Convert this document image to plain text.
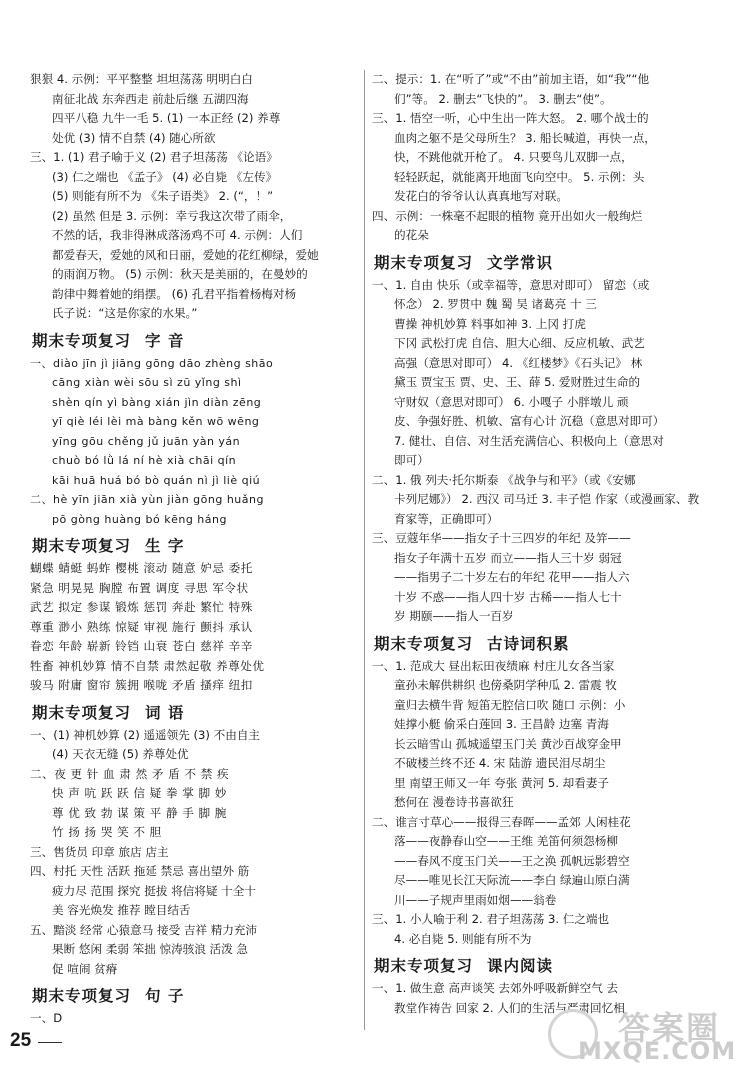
狠狠 4. 示例：平平整整 坦坦荡荡 明明白白
南征北战 东奔西走 前赴后继 五湖四海
四平八稳 九牛一毛 5. (1) 一本正经 (2) 养尊
处优 (3) 情不自禁 (4) 随心所欲
三、1. (1) 君子喻于义 (2) 君子坦荡荡 《论语》
(3) 仁之端也 《孟子》 (4) 必自毙 《左传》
(5) 则能有所不为 《朱子语类》 2. (“，！”
(2) 虽然 但是 3. 示例：幸亏我这次带了雨伞，
不然的话，我非得淋成落汤鸡不可 4. 示例：人们
都爱春天，爱她的风和日丽，爱她的花红柳绿，爱她
的雨润万物。 (5) 示例：秋天是美丽的，在曼妙的
韵律中舞着她的绢摆。 (6) 孔君平指着杨梅对杨
氏子说：“这是你家的水果。”
期末专项复习 字 音
一、diào jīn jì jiāng gōng dāo zhèng shāo
cāng xiàn wèi sōu sì zū yǐng shì
shèn qín yì bàng xián jìn diàn zēng
yī qiè léi lèi mà bàng kěn wō wēng
yīng gōu chěng jǔ juān yàn yán
chuò bó lǜ lá ní hè xià chāi qín
kāi huā huá bó bò quán nì jì liè qiú
二、hè yīn jiān xià yùn jiàn gōng huǎng
pō gòng huàng bó kēng háng
期末专项复习 生 字
蝴蝶 蜻蜓 蚂蚱 樱桃 滚动 随意 妒忌 委托
紧急 明晃晃 胸膛 布置 调度 寻思 军令状
武艺 拟定 参谋 锻炼 惩罚 奔赴 繁忙 特殊
尊重 渺小 熟练 惊疑 审视 施行 颤抖 承认
眷恋 年龄 崭新 铃铛 山衰 苍白 慈祥 辛辛
牲畜 神机妙算 情不自禁 肃然起敬 养尊处优
骏马 附庸 窗帘 簇拥 喉咙 矛盾 搔痒 纽扣
期末专项复习 词 语
一、(1) 神机妙算 (2) 遥遥领先 (3) 不由自主
(4) 天衣无缝 (5) 养尊处优
二、夜 更 针 血 肃 然 矛 盾 不 禁 疾
快 声 吭 跃 跃 信 疑 拳 掌 脚 妙
尊 优 致 勃 谋 策 平 静 手 脚 腕
竹 扬 扬 哭 笑 不 胆
三、售货员 印章 旅店 店主
四、村托 天性 活跃 拖延 禁忌 喜出望外 筋
疲力尽 范围 探究 挺拔 将信将疑 十全十
美 容光焕发 推荐 瞠目结舌
五、黯淡 经常 心猿意马 接受 吉祥 精力充沛
果断 悠闲 柔弱 笨拙 惊涛骇浪 活泼 急
促 喧闹 贫瘠
期末专项复习 句 子
一、D
二、提示：1. 在“听了”或“不由”前加主语，如“我”“他
们”等。 2. 删去“飞快的”。 3. 删去“使”。
三、1. 悟空一听，心中生出一阵大怒。 2. 哪个战士的
血肉之躯不是父母所生？ 3. 船长喊道，再快一点，
快，不跳他就开枪了。 4. 只要鸟儿双脚一点，
轻轻跃起，就能离开地面飞向空中。 5. 示例：头
发花白的爷爷认认真真地写对联。
四、示例：一株毫不起眼的植物 竟开出如火一般绚烂
的花朵
期末专项复习 文学常识
一、1. 自由 快乐（或幸福等，意思对即可） 留恋（或
怀念） 2. 罗贯中 魏 蜀 吴 诸葛亮 十 三
曹操 神机妙算 料事如神 3. 上冈 打虎
下冈 武松打虎 自信、胆大心细、反应机敏、武艺
高强（意思对即可） 4. 《红楼梦》《石头记》 林
黛玉 贾宝玉 贾、史、王、薛 5. 爱财胜过生命的
守财奴（意思对即可） 6. 小嘎子 小胖墩儿 顽
皮、争强好胜、机敏、富有心计 沉稳（意思对即可）
7. 健壮、自信、对生活充满信心、积极向上（意思对
即可）
二、1. 俄 列夫·托尔斯泰 《战争与和平》（或《安娜
卡列尼娜》） 2. 西汉 司马迁 3. 丰子恺 作家（或漫画家、教
育家等，正确即可）
三、豆蔻年华——指女子十三四岁的年纪 及笄——
指女子年满十五岁 而立——指人三十岁 弱冠
——指男子二十岁左右的年纪 花甲——指人六
十岁 不惑——指人四十岁 古稀——指人七十
岁 期颐——指人一百岁
期末专项复习 古诗词积累
一、1. 范成大 昼出耘田夜绩麻 村庄儿女各当家
童孙未解供耕织 也傍桑阴学种瓜 2. 雷震 牧
童归去横牛背 短笛无腔信口吹 随口 示例：小
娃撑小艇 偷采白莲回 3. 王昌龄 边塞 青海
长云暗雪山 孤城遥望玉门关 黄沙百战穿金甲
不破楼兰终不还 4. 宋 陆游 遗民泪尽胡尘
里 南望王师又一年 夸张 黄河 5. 却看妻子
愁何在 漫卷诗书喜欲狂
二、谁言寸草心——报得三春晖——孟郊 人闲桂花
落——夜静春山空——王维 羌笛何须怨杨柳
——春风不度玉门关——王之涣 孤帆远影碧空
尽——唯见长江天际流——李白 绿遍山原白满
川——子规声里雨如烟——翁卷
三、1. 小人喻于利 2. 君子坦荡荡 3. 仁之端也
4. 必自毙 5. 则能有所不为
期末专项复习 课内阅读
一、1. 做生意 高声谈笑 去郊外呼吸新鲜空气 去
教堂作祷告 回家 2. 人们的生活与严肃回忆相
25	答案圈
MXQE.COM
